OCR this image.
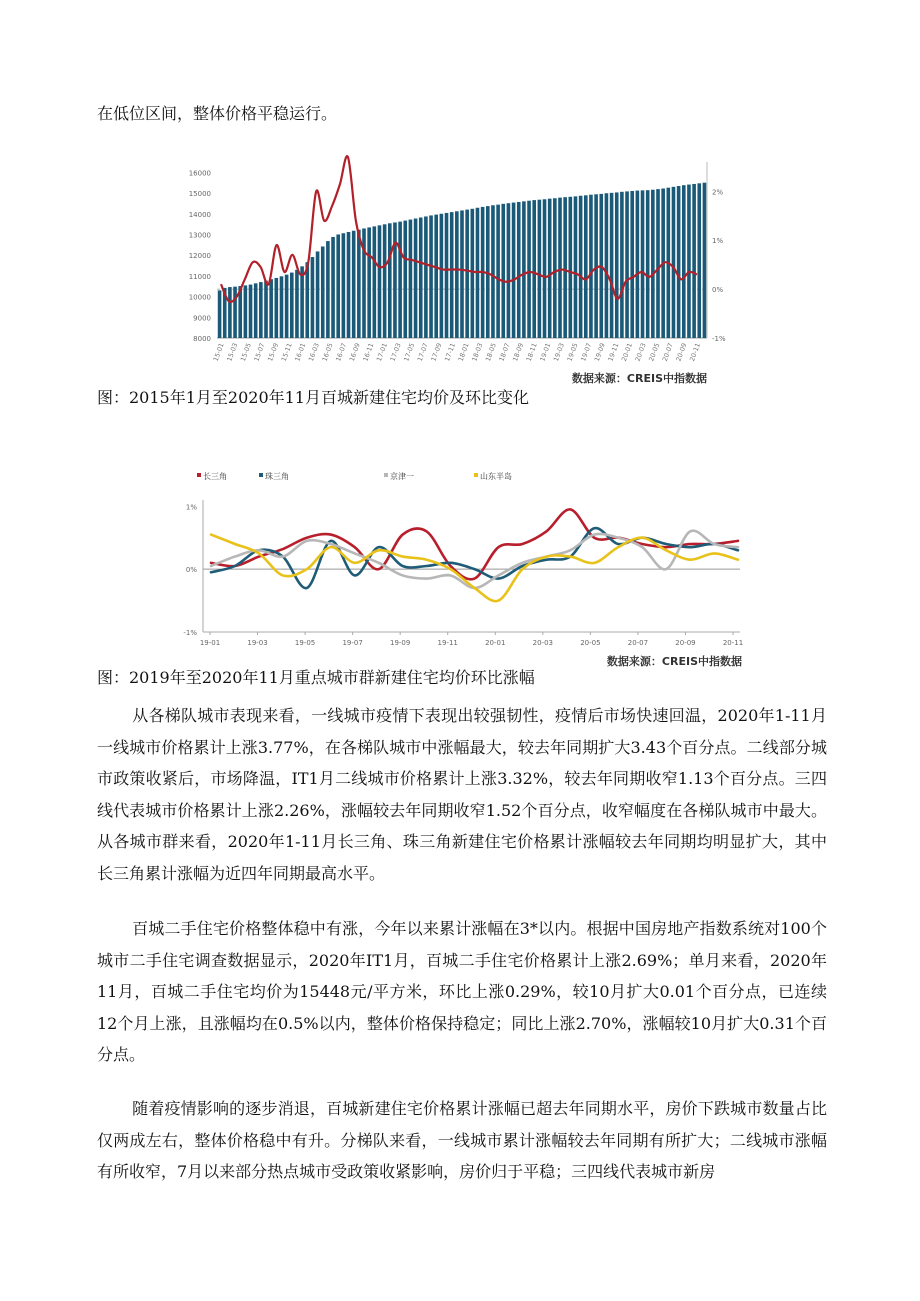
在低位区间，整体价格平稳运行。
8000
9000
10000
11000
12000
13000
14000
15000
16000
-1%
0%
1%
2%
15-01 15-03 15-05 15-07 15-09 15-11 16-01 16-03 16-05 16-07 16-09 16-11 17-01 17-03 17-05 17-07 17-09 17-11 18-01 18-03 18-05 18-07 18-09 18-11 19-01 19-03 19-05 19-07 19-09 19-11 20-01 20-03 20-05 20-07 20-09 20-11
数据来源：CREIS中指数据
图：2015年1月至2020年11月百城新建住宅均价及环比变化
长三角	珠三角	京津一	山东半岛
-1%
0%
1%
19-01	19-03	19-05	19-07	19-09	19-11	20-01	20-03	20-05	20-07	20-09	20-11
数据来源：CREIS中指数据
图：2019年至2020年11月重点城市群新建住宅均价环比涨幅
从各梯队城市表现来看，一线城市疫情下表现出较强韧性，疫情后市场快速回温，2020年1-11月一线城市价格累计上涨3.77%，在各梯队城市中涨幅最大，较去年同期扩大3.43个百分点。二线部分城市政策收紧后，市场降温，IT1月二线城市价格累计上涨3.32%，较去年同期收窄1.13个百分点。三四线代表城市价格累计上涨2.26%，涨幅较去年同期收窄1.52个百分点，收窄幅度在各梯队城市中最大。从各城市群来看，2020年1-11月长三角、珠三角新建住宅价格累计涨幅较去年同期均明显扩大，其中长三角累计涨幅为近四年同期最高水平。
百城二手住宅价格整体稳中有涨，今年以来累计涨幅在3*以内。根据中国房地产指数系统对100个城市二手住宅调查数据显示，2020年IT1月，百城二手住宅价格累计上涨2.69%；单月来看，2020年11月，百城二手住宅均价为15448元/平方米，环比上涨0.29%，较10月扩大0.01个百分点，已连续12个月上涨，且涨幅均在0.5%以内，整体价格保持稳定；同比上涨2.70%，涨幅较10月扩大0.31个百分点。
随着疫情影响的逐步消退，百城新建住宅价格累计涨幅已超去年同期水平，房价下跌城市数量占比仅两成左右，整体价格稳中有升。分梯队来看，一线城市累计涨幅较去年同期有所扩大；二线城市涨幅有所收窄，7月以来部分热点城市受政策收紧影响，房价归于平稳；三四线代表城市新房
